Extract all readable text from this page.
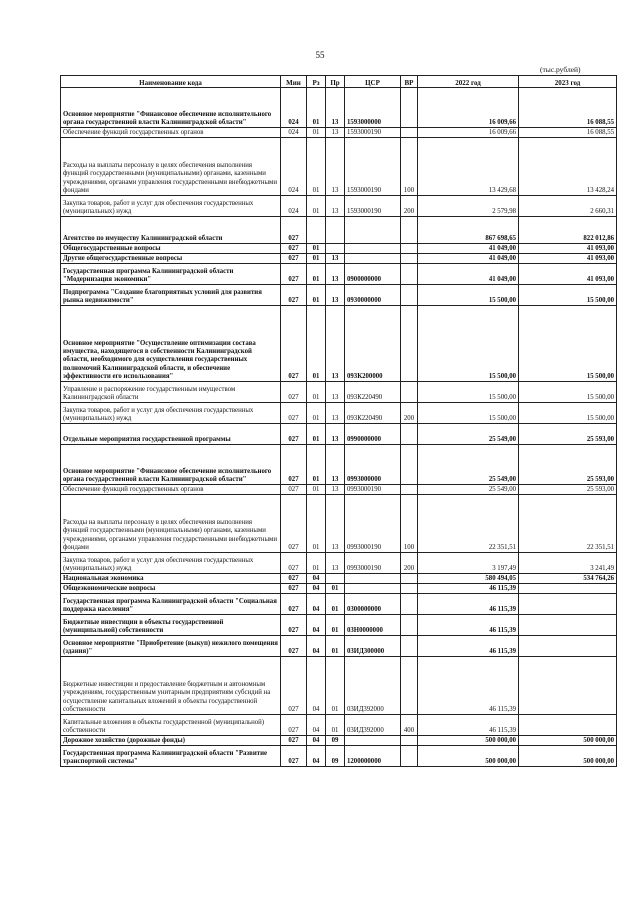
55
(тыс.рублей)
Наименование кода	Мин	Рз	Пр	ЦСР	ВР	2022 год	2023 год
Основное мероприятие "Финансовое обеспечение исполнительного органа государственной власти Калининградской области"	024	01	13	1593000000		16 009,66	16 088,55
Обеспечение функций государственных органов	024	01	13	1593000190		16 009,66	16 088,55
Расходы на выплаты персоналу в целях обеспечения выполнения функций государственными (муниципальными) органами, казенными учреждениями, органами управления государственными внебюджетными фондами	024	01	13	1593000190	100	13 429,68	13 428,24
Закупка товаров, работ и услуг для обеспечения государственных (муниципальных) нужд	024	01	13	1593000190	200	2 579,98	2 660,31
Агентство по имуществу Калининградской области	027					867 698,65	822 012,86
Общегосударственные вопросы	027	01				41 049,00	41 093,00
Другие общегосударственные вопросы	027	01	13			41 049,00	41 093,00
Государственная программа Калининградской области "Модернизация экономики"	027	01	13	0900000000		41 049,00	41 093,00
Подпрограмма "Создание благоприятных условий для развития рынка недвижимости"	027	01	13	0930000000		15 500,00	15 500,00
Основное мероприятие "Осуществление оптимизации состава имущества, находящегося в собственности Калининградской области, необходимого для осуществления государственных полномочий Калининградской области, и обеспечение эффективности его использования"	027	01	13	093К200000		15 500,00	15 500,00
Управление и распоряжение государственным имуществом Калининградской области	027	01	13	093К220490		15 500,00	15 500,00
Закупка товаров, работ и услуг для обеспечения государственных (муниципальных) нужд	027	01	13	093К220490	200	15 500,00	15 500,00
Отдельные мероприятия государственной программы	027	01	13	0990000000		25 549,00	25 593,00
Основное мероприятие "Финансовое обеспечение исполнительного органа государственной власти Калининградской области"	027	01	13	0993000000		25 549,00	25 593,00
Обеспечение функций государственных органов	027	01	13	0993000190		25 549,00	25 593,00
Расходы на выплаты персоналу в целях обеспечения выполнения функций государственными (муниципальными) органами, казенными учреждениями, органами управления государственными внебюджетными фондами	027	01	13	0993000190	100	22 351,51	22 351,51
Закупка товаров, работ и услуг для обеспечения государственных (муниципальных) нужд	027	01	13	0993000190	200	3 197,49	3 241,49
Национальная экономика	027	04				580 494,05	534 764,26
Общеэкономические вопросы	027	04	01			46 115,39	
Государственная программа Калининградской области "Социальная поддержка населения"	027	04	01	0300000000		46 115,39	
Бюджетные инвестиции в объекты государственной (муниципальной) собственности	027	04	01	03Н0000000		46 115,39	
Основное мероприятие "Приобретение (выкуп) нежилого помещения (здания)"	027	04	01	03ИД300000		46 115,39	
Бюджетные инвестиции и предоставление бюджетным и автономным учреждениям, государственным унитарным предприятиям субсидий на осуществление капитальных вложений в объекты государственной собственности	027	04	01	03ИД392000		46 115,39	
Капитальные вложения в объекты государственной (муниципальной) собственности	027	04	01	03ИД392000	400	46 115,39	
Дорожное хозяйство (дорожные фонды)	027	04	09			500 000,00	500 000,00
Государственная программа Калининградской области "Развитие транспортной системы"	027	04	09	1200000000		500 000,00	500 000,00
